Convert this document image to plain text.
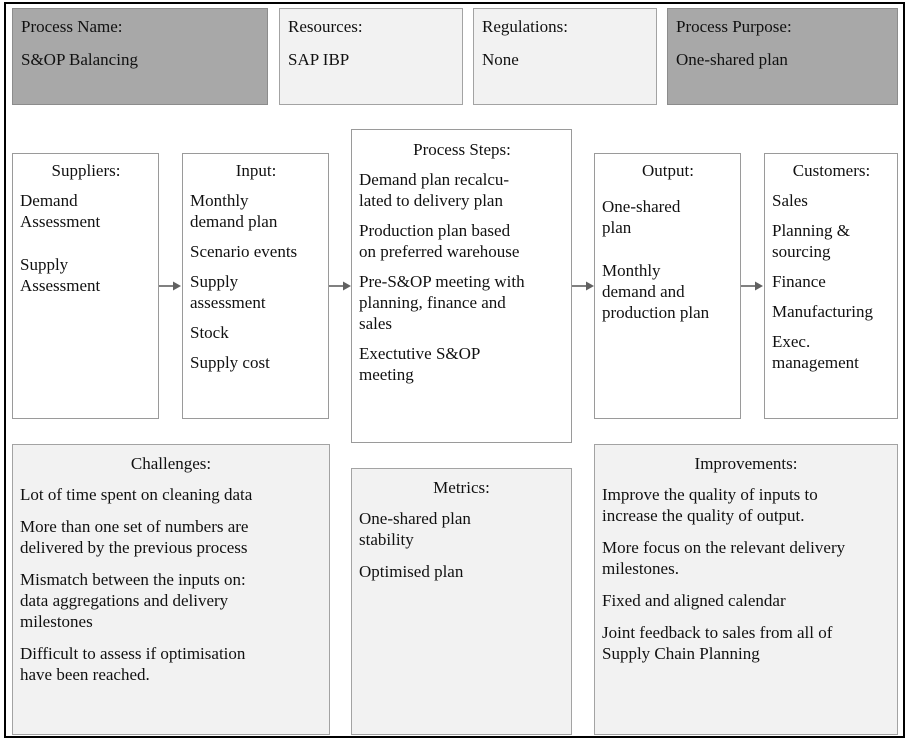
Process Name:
S&OP Balancing
Resources:
SAP IBP
Regulations:
None
Process Purpose:
One-shared plan
Suppliers:
Demand
Assessment
Supply
Assessment
Input:
Monthly
demand plan
Scenario events
Supply
assessment
Stock
Supply cost
Process Steps:
Demand plan recalcu-
lated to delivery plan
Production plan based
on preferred warehouse
Pre-S&OP meeting with
planning, finance and
sales
Exectutive S&OP
meeting
Output:
One-shared
plan
Monthly
demand and
production plan
Customers:
Sales
Planning &
sourcing
Finance
Manufacturing
Exec.
management
Challenges:
Lot of time spent on cleaning data
More than one set of numbers are
delivered by the previous process
Mismatch between the inputs on:
data aggregations and delivery
milestones
Difficult to assess if optimisation
have been reached.
Metrics:
One-shared plan
stability
Optimised plan
Improvements:
Improve the quality of inputs to
increase the quality of output.
More focus on the relevant delivery
milestones.
Fixed and aligned calendar
Joint feedback to sales from all of
Supply Chain Planning
